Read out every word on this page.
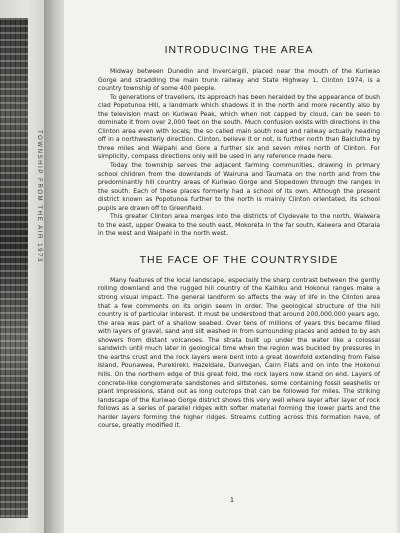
TOWNSHIP FROM THE AIR 1973
INTRODUCING THE AREA

Midway between Dunedin and Invercargill, placed near the mouth of the Kuriwao Gorge and straddling the main trunk railway and State Highway 1, Clinton 1974, is a country township of some 400 people.

To generations of travellers, its approach has been heralded by the appearance of bush clad Popotunoa Hill, a landmark which shadows it in the north and more recently also by the television mast on Kuriwao Peak, which when not capped by cloud, can be seen to dominate it from over 2,000 feet on the south. Much confusion exists with directions in the Clinton area even with locals; the so called main south road and railway actually heading off in a northwesterly direction. Clinton, believe it or not, is further north than Balclutha by three miles and Waipahi and Gore a further six and seven miles north of Clinton. For simplicity, compass directions only will be used in any reference made here.

Today the township serves the adjacent farming communities, drawing in primary school children from the downlands of Wairuna and Taumata on the north and from the predominantly hill country areas of Kuriwao Gorge and Slopedown through the ranges in the south. Each of these places formerly had a school of its own. Although the present district known as Popotunoa further to the north is mainly Clinton orientated, its school pupils are drawn off to Greenfield.

This greater Clinton area merges into the districts of Clydevale to the north, Waiwera to the east, upper Owaka to the south east, Mokoreta in the far south, Kaiwera and Otaraia in the west and Waipahi in the north west.

THE FACE OF THE COUNTRYSIDE

Many features of the local landscape, especially the sharp contrast between the gently rolling downland and the rugged hill country of the Kaihiku and Hokonui ranges make a strong visual impact. The general landform so affects the way of life in the Clinton area that a few comments on its origin seem in order. The geological structure of the hill country is of particular interest. It must be understood that around 200,000,000 years ago, the area was part of a shallow seabed. Over tens of millions of years this became filled with layers of gravel, sand and silt washed in from surrounding places and added to by ash showers from distant volcanoes. The strata built up under the water like a colossal sandwich until much later in geological time when the region was buckled by pressures in the earths crust and the rock layers were bent into a great downfold extending from False Island, Pounawea, Purekireki, Hazeldale, Dunvegan, Cairn Flats and on into the Hokonui hills. On the northern edge of this great fold, the rock layers now stand on end. Layers of concrete-like conglomerate sandstones and siltstones, some containing fossil seashells or plant impressions, stand out as long outcrops that can be followed for miles. The striking landscape of the Kuriwao Gorge district shows this very well where layer after layer of rock follows as a series of parallel ridges with softer material forming the lower parts and the harder layers forming the higher ridges. Streams cutting across this formation have, of course, greatly modified it.

1
